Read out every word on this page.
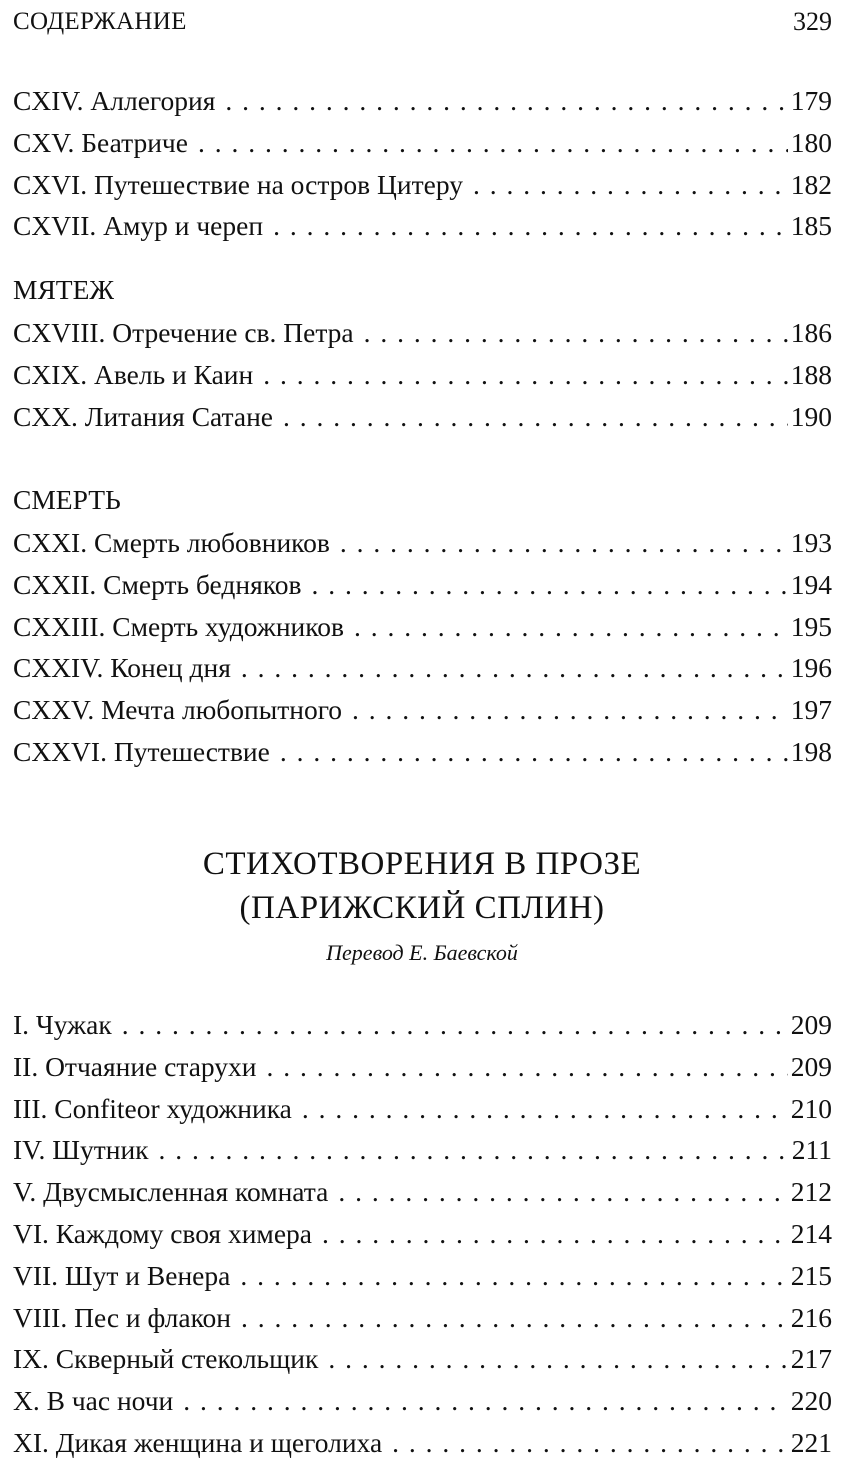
СОДЕРЖАНИЕ	329
CXIV. Аллегория . . .	179
CXV. Беатриче . . .	180
CXVI. Путешествие на остров Цитеру . . .	182
CXVII. Амур и череп . . .	185
МЯТЕЖ
CXVIII. Отречение св. Петра . . .	186
CXIX. Авель и Каин . . .	188
CXX. Литания Сатане . . .	190
СМЕРТЬ
CXXI. Смерть любовников . . .	193
CXXII. Смерть бедняков . . .	194
CXXIII. Смерть художников . . .	195
CXXIV. Конец дня . . .	196
CXXV. Мечта любопытного . . .	197
CXXVI. Путешествие . . .	198
СТИХОТВОРЕНИЯ В ПРОЗЕ
(ПАРИЖСКИЙ СПЛИН)
Перевод Е. Баевской
I. Чужак . . .	209
II. Отчаяние старухи . . .	209
III. Confiteor художника . . .	210
IV. Шутник . . .	211
V. Двусмысленная комната . . .	212
VI. Каждому своя химера . . .	214
VII. Шут и Венера . . .	215
VIII. Пес и флакон . . .	216
IX. Скверный стекольщик . . .	217
X. В час ночи . . .	220
XI. Дикая женщина и щеголиха . . .	221
